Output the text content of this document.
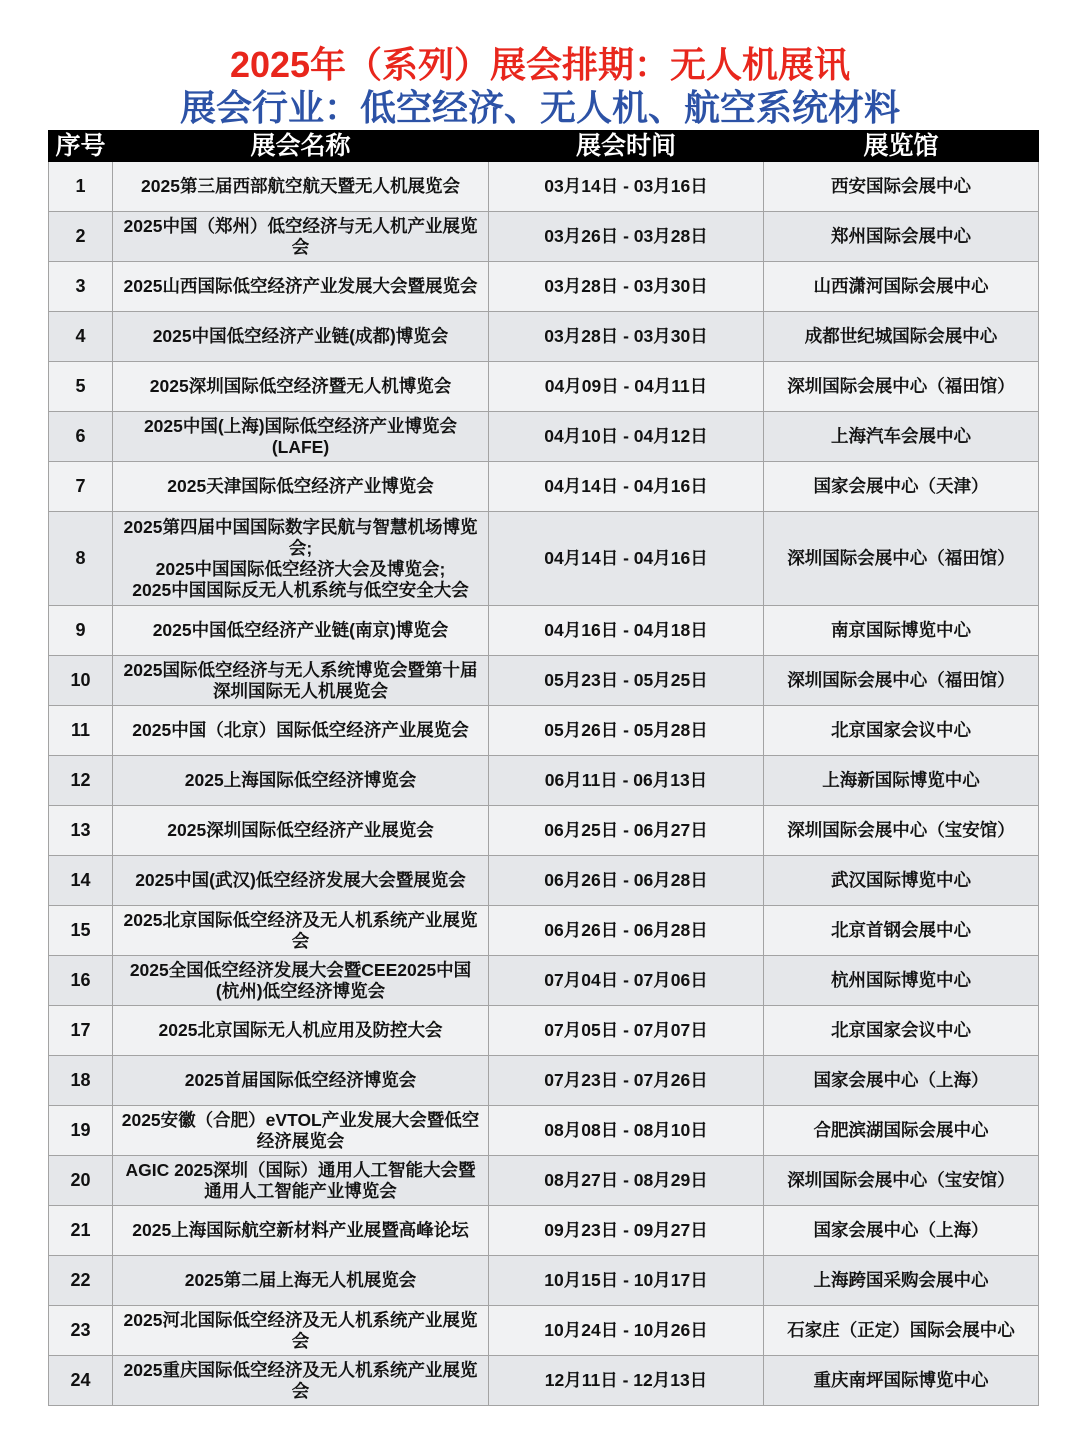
2025年（系列）展会排期：无人机展讯
展会行业：低空经济、无人机、航空系统材料
序号	展会名称	展会时间	展览馆
1	2025第三届西部航空航天暨无人机展览会	03月14日 - 03月16日	西安国际会展中心
2	2025中国（郑州）低空经济与无人机产业展览会	03月26日 - 03月28日	郑州国际会展中心
3	2025山西国际低空经济产业发展大会暨展览会	03月28日 - 03月30日	山西潇河国际会展中心
4	2025中国低空经济产业链(成都)博览会	03月28日 - 03月30日	成都世纪城国际会展中心
5	2025深圳国际低空经济暨无人机博览会	04月09日 - 04月11日	深圳国际会展中心（福田馆）
6	2025中国(上海)国际低空经济产业博览会(LAFE)	04月10日 - 04月12日	上海汽车会展中心
7	2025天津国际低空经济产业博览会	04月14日 - 04月16日	国家会展中心（天津）
8	2025第四届中国国际数字民航与智慧机场博览会;
2025中国国际低空经济大会及博览会;
2025中国国际反无人机系统与低空安全大会	04月14日 - 04月16日	深圳国际会展中心（福田馆）
9	2025中国低空经济产业链(南京)博览会	04月16日 - 04月18日	南京国际博览中心
10	2025国际低空经济与无人系统博览会暨第十届深圳国际无人机展览会	05月23日 - 05月25日	深圳国际会展中心（福田馆）
11	2025中国（北京）国际低空经济产业展览会	05月26日 - 05月28日	北京国家会议中心
12	2025上海国际低空经济博览会	06月11日 - 06月13日	上海新国际博览中心
13	2025深圳国际低空经济产业展览会	06月25日 - 06月27日	深圳国际会展中心（宝安馆）
14	2025中国(武汉)低空经济发展大会暨展览会	06月26日 - 06月28日	武汉国际博览中心
15	2025北京国际低空经济及无人机系统产业展览会	06月26日 - 06月28日	北京首钢会展中心
16	2025全国低空经济发展大会暨CEE2025中国(杭州)低空经济博览会	07月04日 - 07月06日	杭州国际博览中心
17	2025北京国际无人机应用及防控大会	07月05日 - 07月07日	北京国家会议中心
18	2025首届国际低空经济博览会	07月23日 - 07月26日	国家会展中心（上海）
19	2025安徽（合肥）eVTOL产业发展大会暨低空经济展览会	08月08日 - 08月10日	合肥滨湖国际会展中心
20	AGIC 2025深圳（国际）通用人工智能大会暨通用人工智能产业博览会	08月27日 - 08月29日	深圳国际会展中心（宝安馆）
21	2025上海国际航空新材料产业展暨高峰论坛	09月23日 - 09月27日	国家会展中心（上海）
22	2025第二届上海无人机展览会	10月15日 - 10月17日	上海跨国采购会展中心
23	2025河北国际低空经济及无人机系统产业展览会	10月24日 - 10月26日	石家庄（正定）国际会展中心
24	2025重庆国际低空经济及无人机系统产业展览会	12月11日 - 12月13日	重庆南坪国际博览中心
